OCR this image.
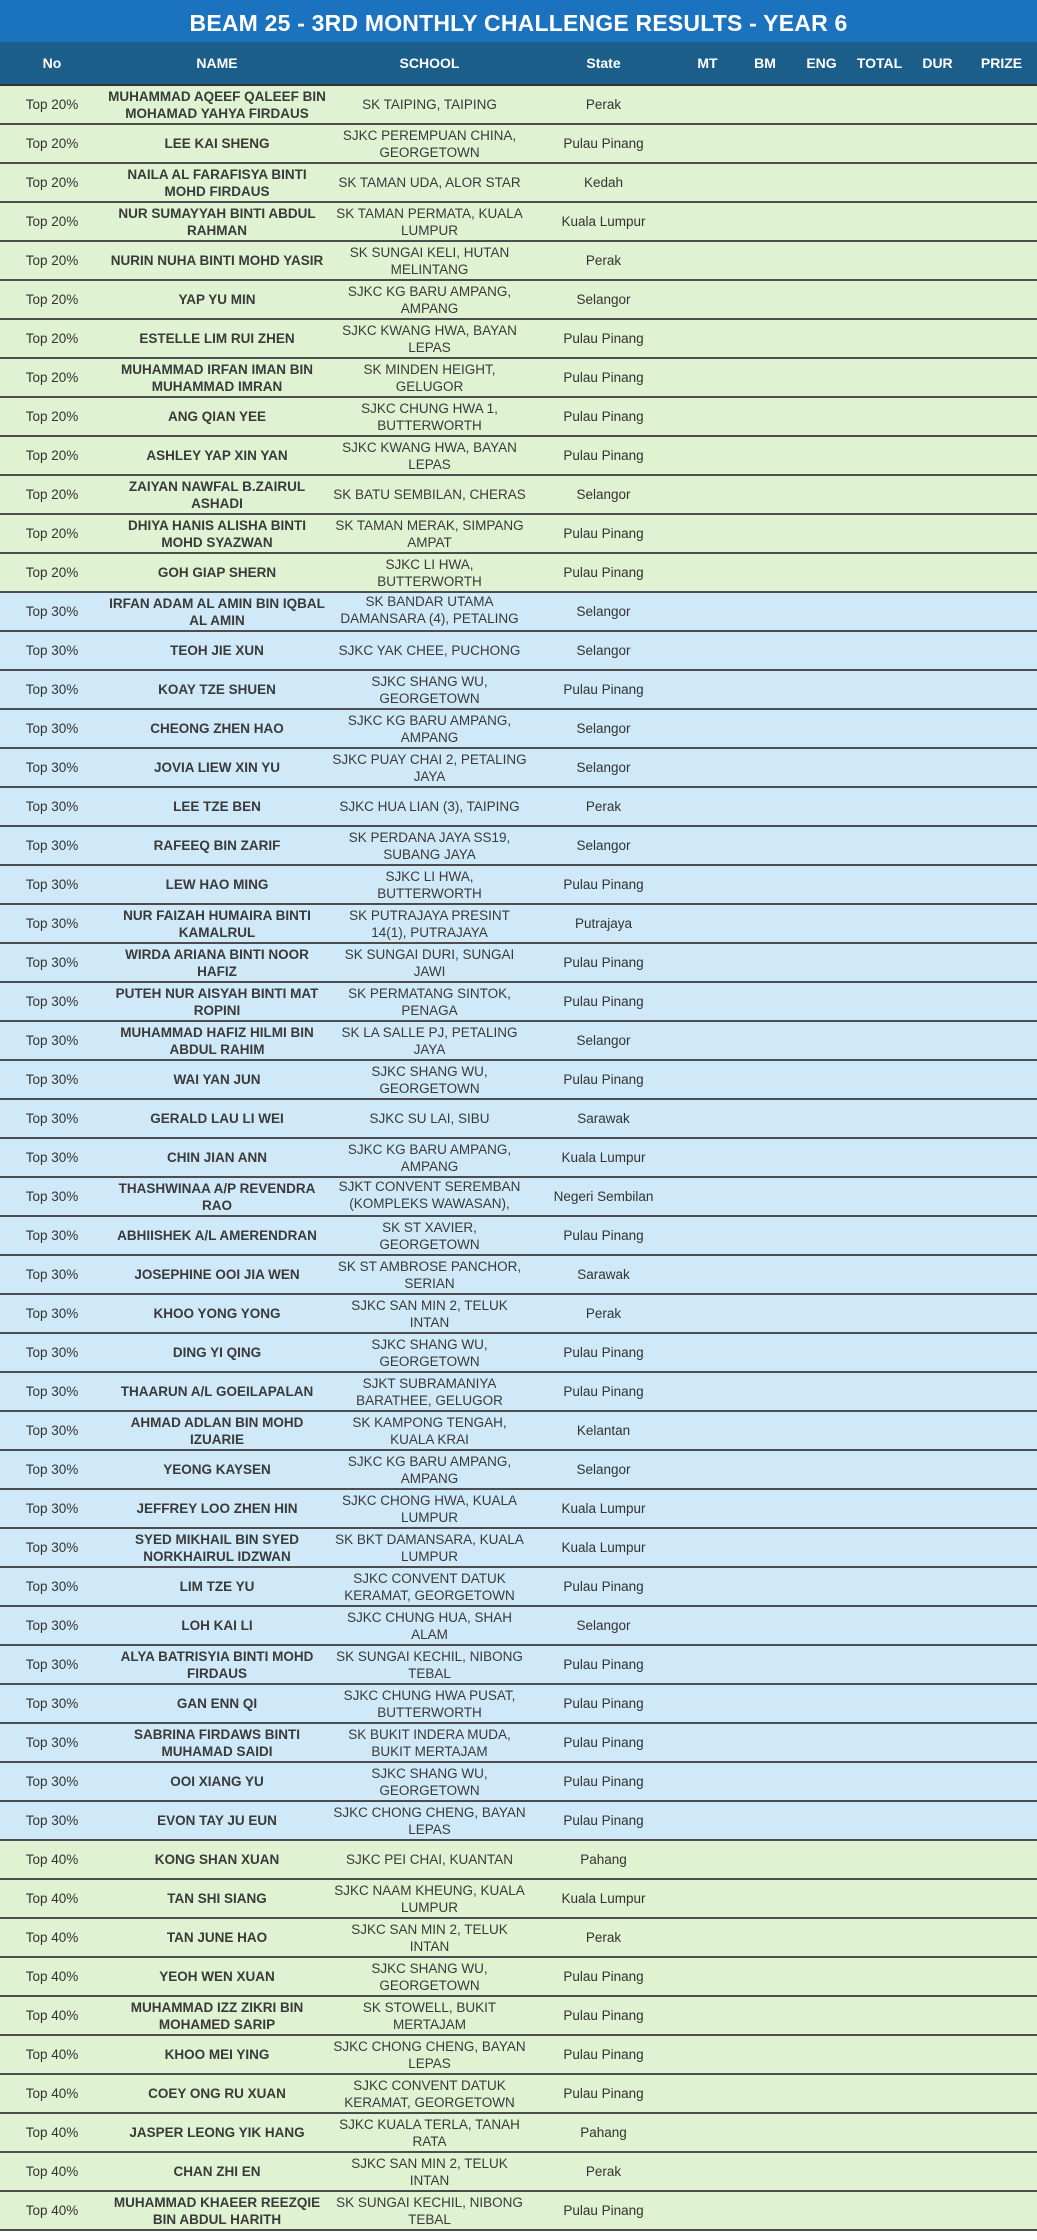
BEAM 25 - 3RD MONTHLY CHALLENGE RESULTS - YEAR 6
No	NAME	SCHOOL	State	MT	BM	ENG	TOTAL	DUR	PRIZE

Top 20%	MUHAMMAD AQEEF QALEEF BIN MOHAMAD YAHYA FIRDAUS	SK TAIPING, TAIPING	Perak						

Top 20%	LEE KAI SHENG	SJKC PEREMPUAN CHINA, GEORGETOWN	Pulau Pinang						

Top 20%	NAILA AL FARAFISYA BINTI MOHD FIRDAUS	SK TAMAN UDA, ALOR STAR	Kedah						

Top 20%	NUR SUMAYYAH BINTI ABDUL RAHMAN	SK TAMAN PERMATA, KUALA LUMPUR	Kuala Lumpur						

Top 20%	NURIN NUHA BINTI MOHD YASIR	SK SUNGAI KELI, HUTAN MELINTANG	Perak						

Top 20%	YAP YU MIN	SJKC KG BARU AMPANG, AMPANG	Selangor						

Top 20%	ESTELLE LIM RUI ZHEN	SJKC KWANG HWA, BAYAN LEPAS	Pulau Pinang						

Top 20%	MUHAMMAD IRFAN IMAN BIN MUHAMMAD IMRAN	SK MINDEN HEIGHT, GELUGOR	Pulau Pinang						

Top 20%	ANG QIAN YEE	SJKC CHUNG HWA 1, BUTTERWORTH	Pulau Pinang						

Top 20%	ASHLEY YAP XIN YAN	SJKC KWANG HWA, BAYAN LEPAS	Pulau Pinang						

Top 20%	ZAIYAN NAWFAL B.ZAIRUL ASHADI	SK BATU SEMBILAN, CHERAS	Selangor						

Top 20%	DHIYA HANIS ALISHA BINTI MOHD SYAZWAN	SK TAMAN MERAK, SIMPANG AMPAT	Pulau Pinang						

Top 20%	GOH GIAP SHERN	SJKC LI HWA, BUTTERWORTH	Pulau Pinang						

Top 30%	IRFAN ADAM AL AMIN BIN IQBAL AL AMIN	SK BANDAR UTAMA DAMANSARA (4), PETALING	Selangor						

Top 30%	TEOH JIE XUN	SJKC YAK CHEE, PUCHONG	Selangor						

Top 30%	KOAY TZE SHUEN	SJKC SHANG WU, GEORGETOWN	Pulau Pinang						

Top 30%	CHEONG ZHEN HAO	SJKC KG BARU AMPANG, AMPANG	Selangor						

Top 30%	JOVIA LIEW XIN YU	SJKC PUAY CHAI 2, PETALING JAYA	Selangor						

Top 30%	LEE TZE BEN	SJKC HUA LIAN (3), TAIPING	Perak						

Top 30%	RAFEEQ BIN ZARIF	SK PERDANA JAYA SS19, SUBANG JAYA	Selangor						

Top 30%	LEW HAO MING	SJKC LI HWA, BUTTERWORTH	Pulau Pinang						

Top 30%	NUR FAIZAH HUMAIRA BINTI KAMALRUL	SK PUTRAJAYA PRESINT 14(1), PUTRAJAYA	Putrajaya						

Top 30%	WIRDA ARIANA BINTI NOOR HAFIZ	SK SUNGAI DURI, SUNGAI JAWI	Pulau Pinang						

Top 30%	PUTEH NUR AISYAH BINTI MAT ROPINI	SK PERMATANG SINTOK, PENAGA	Pulau Pinang						

Top 30%	MUHAMMAD HAFIZ HILMI BIN ABDUL RAHIM	SK LA SALLE PJ, PETALING JAYA	Selangor						

Top 30%	WAI YAN JUN	SJKC SHANG WU, GEORGETOWN	Pulau Pinang						

Top 30%	GERALD LAU LI WEI	SJKC SU LAI, SIBU	Sarawak						

Top 30%	CHIN JIAN ANN	SJKC KG BARU AMPANG, AMPANG	Kuala Lumpur						

Top 30%	THASHWINAA A/P REVENDRA RAO	SJKT CONVENT SEREMBAN (KOMPLEKS WAWASAN),	Negeri Sembilan						

Top 30%	ABHIISHEK A/L AMERENDRAN	SK ST XAVIER, GEORGETOWN	Pulau Pinang						

Top 30%	JOSEPHINE OOI JIA WEN	SK ST AMBROSE PANCHOR, SERIAN	Sarawak						

Top 30%	KHOO YONG YONG	SJKC SAN MIN 2, TELUK INTAN	Perak						

Top 30%	DING YI QING	SJKC SHANG WU, GEORGETOWN	Pulau Pinang						

Top 30%	THAARUN A/L GOEILAPALAN	SJKT SUBRAMANIYA BARATHEE, GELUGOR	Pulau Pinang						

Top 30%	AHMAD ADLAN BIN MOHD IZUARIE	SK KAMPONG TENGAH, KUALA KRAI	Kelantan						

Top 30%	YEONG KAYSEN	SJKC KG BARU AMPANG, AMPANG	Selangor						

Top 30%	JEFFREY LOO ZHEN HIN	SJKC CHONG HWA, KUALA LUMPUR	Kuala Lumpur						

Top 30%	SYED MIKHAIL BIN SYED NORKHAIRUL IDZWAN	SK BKT DAMANSARA, KUALA LUMPUR	Kuala Lumpur						

Top 30%	LIM TZE YU	SJKC CONVENT DATUK KERAMAT, GEORGETOWN	Pulau Pinang						

Top 30%	LOH KAI LI	SJKC CHUNG HUA, SHAH ALAM	Selangor						

Top 30%	ALYA BATRISYIA BINTI MOHD FIRDAUS	SK SUNGAI KECHIL, NIBONG TEBAL	Pulau Pinang						

Top 30%	GAN ENN QI	SJKC CHUNG HWA PUSAT, BUTTERWORTH	Pulau Pinang						

Top 30%	SABRINA FIRDAWS BINTI MUHAMAD SAIDI	SK BUKIT INDERA MUDA, BUKIT MERTAJAM	Pulau Pinang						

Top 30%	OOI XIANG YU	SJKC SHANG WU, GEORGETOWN	Pulau Pinang						

Top 30%	EVON TAY JU EUN	SJKC CHONG CHENG, BAYAN LEPAS	Pulau Pinang						

Top 40%	KONG SHAN XUAN	SJKC PEI CHAI, KUANTAN	Pahang						

Top 40%	TAN SHI SIANG	SJKC NAAM KHEUNG, KUALA LUMPUR	Kuala Lumpur						

Top 40%	TAN JUNE HAO	SJKC SAN MIN 2, TELUK INTAN	Perak						

Top 40%	YEOH WEN XUAN	SJKC SHANG WU, GEORGETOWN	Pulau Pinang						

Top 40%	MUHAMMAD IZZ ZIKRI BIN MOHAMED SARIP	SK STOWELL, BUKIT MERTAJAM	Pulau Pinang						

Top 40%	KHOO MEI YING	SJKC CHONG CHENG, BAYAN LEPAS	Pulau Pinang						

Top 40%	COEY ONG RU XUAN	SJKC CONVENT DATUK KERAMAT, GEORGETOWN	Pulau Pinang						

Top 40%	JASPER LEONG YIK HANG	SJKC KUALA TERLA, TANAH RATA	Pahang						

Top 40%	CHAN ZHI EN	SJKC SAN MIN 2, TELUK INTAN	Perak						

Top 40%	MUHAMMAD KHAEER REEZQIE BIN ABDUL HARITH	SK SUNGAI KECHIL, NIBONG TEBAL	Pulau Pinang						
